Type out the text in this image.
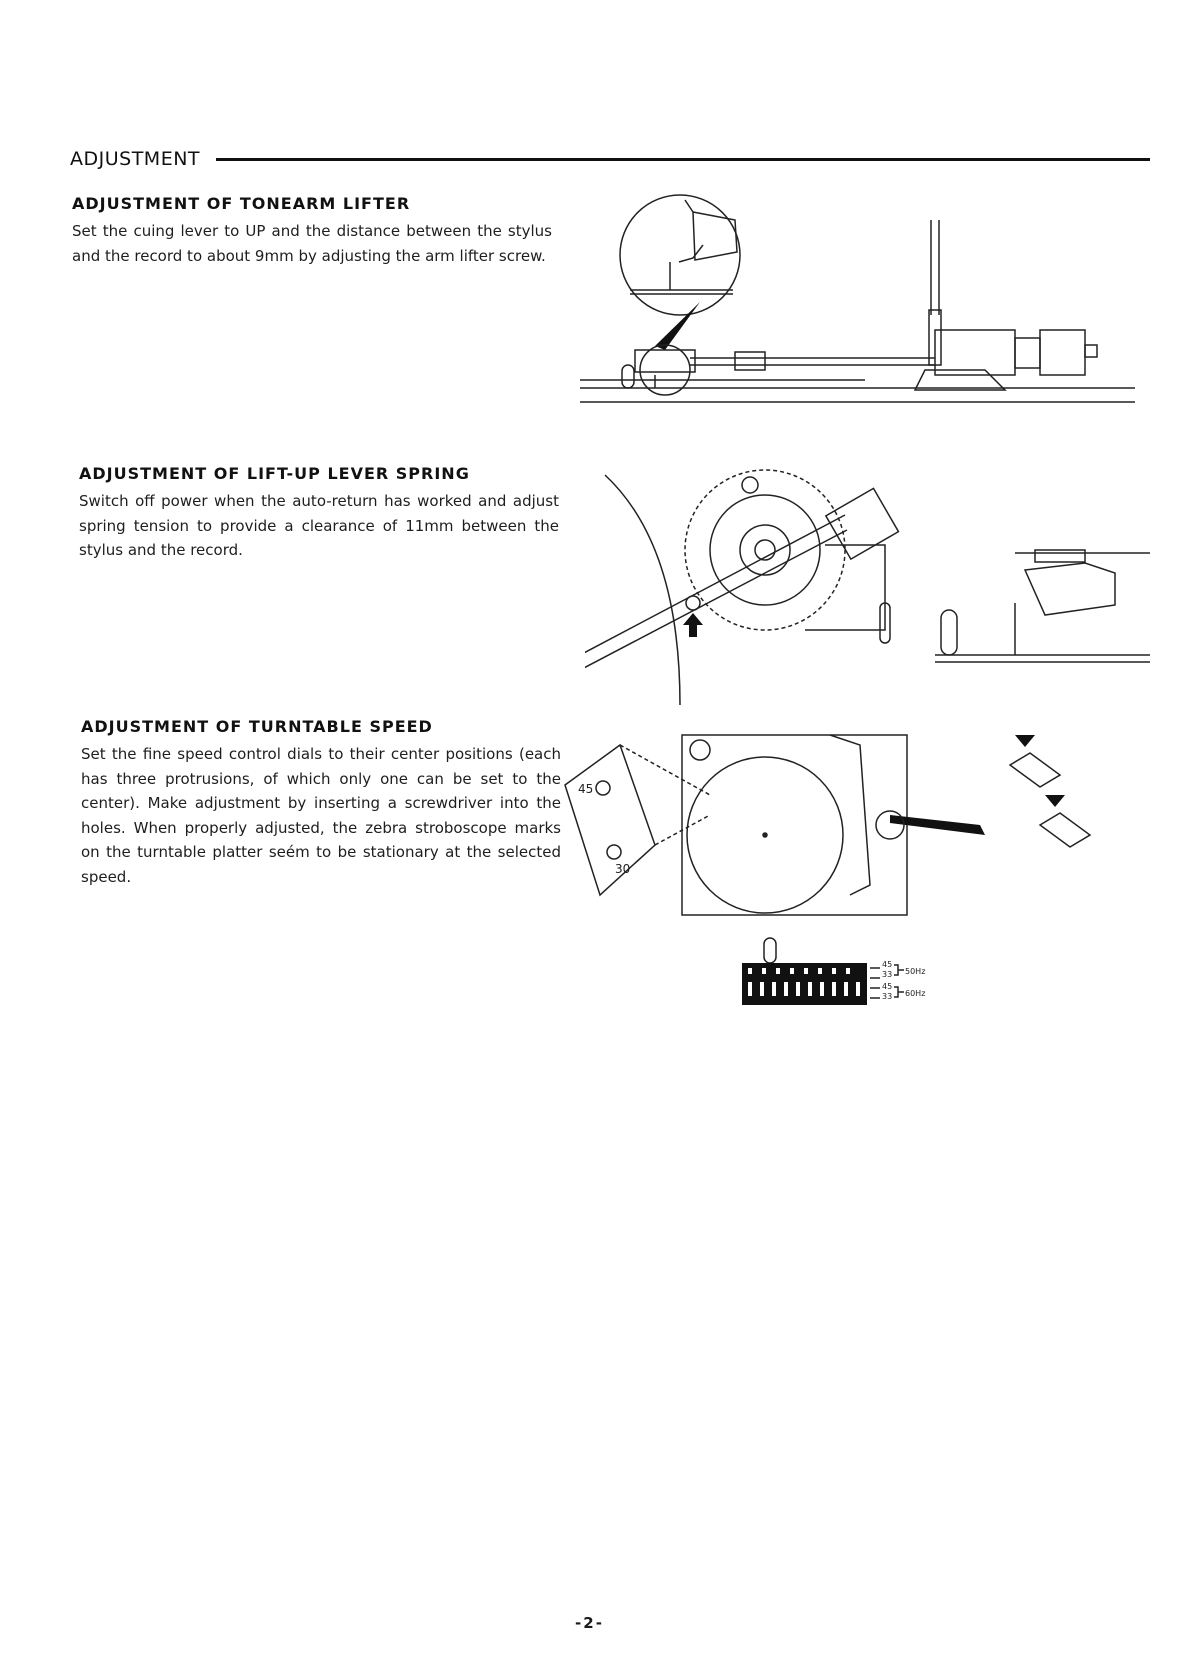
ADJUSTMENT
ADJUSTMENT OF TONEARM LIFTER

Set the cuing lever to UP and the distance between the stylus and the record to about 9mm by adjusting the arm lifter screw.

ADJUSTMENT OF LIFT-UP LEVER SPRING

Switch off power when the auto-return has worked and adjust spring tension to provide a clearance of 11mm between the stylus and the record.

ADJUSTMENT OF TURNTABLE SPEED

Set the fine speed control dials to their center positions (each has three protrusions, of which only one can be set to the center). Make adjustment by inserting a screwdriver into the holes. When properly adjusted, the zebra stroboscope marks on the turntable platter seém to be stationary at the selected speed.

45
30
45
33
45
33
50Hz
60Hz
-2-
